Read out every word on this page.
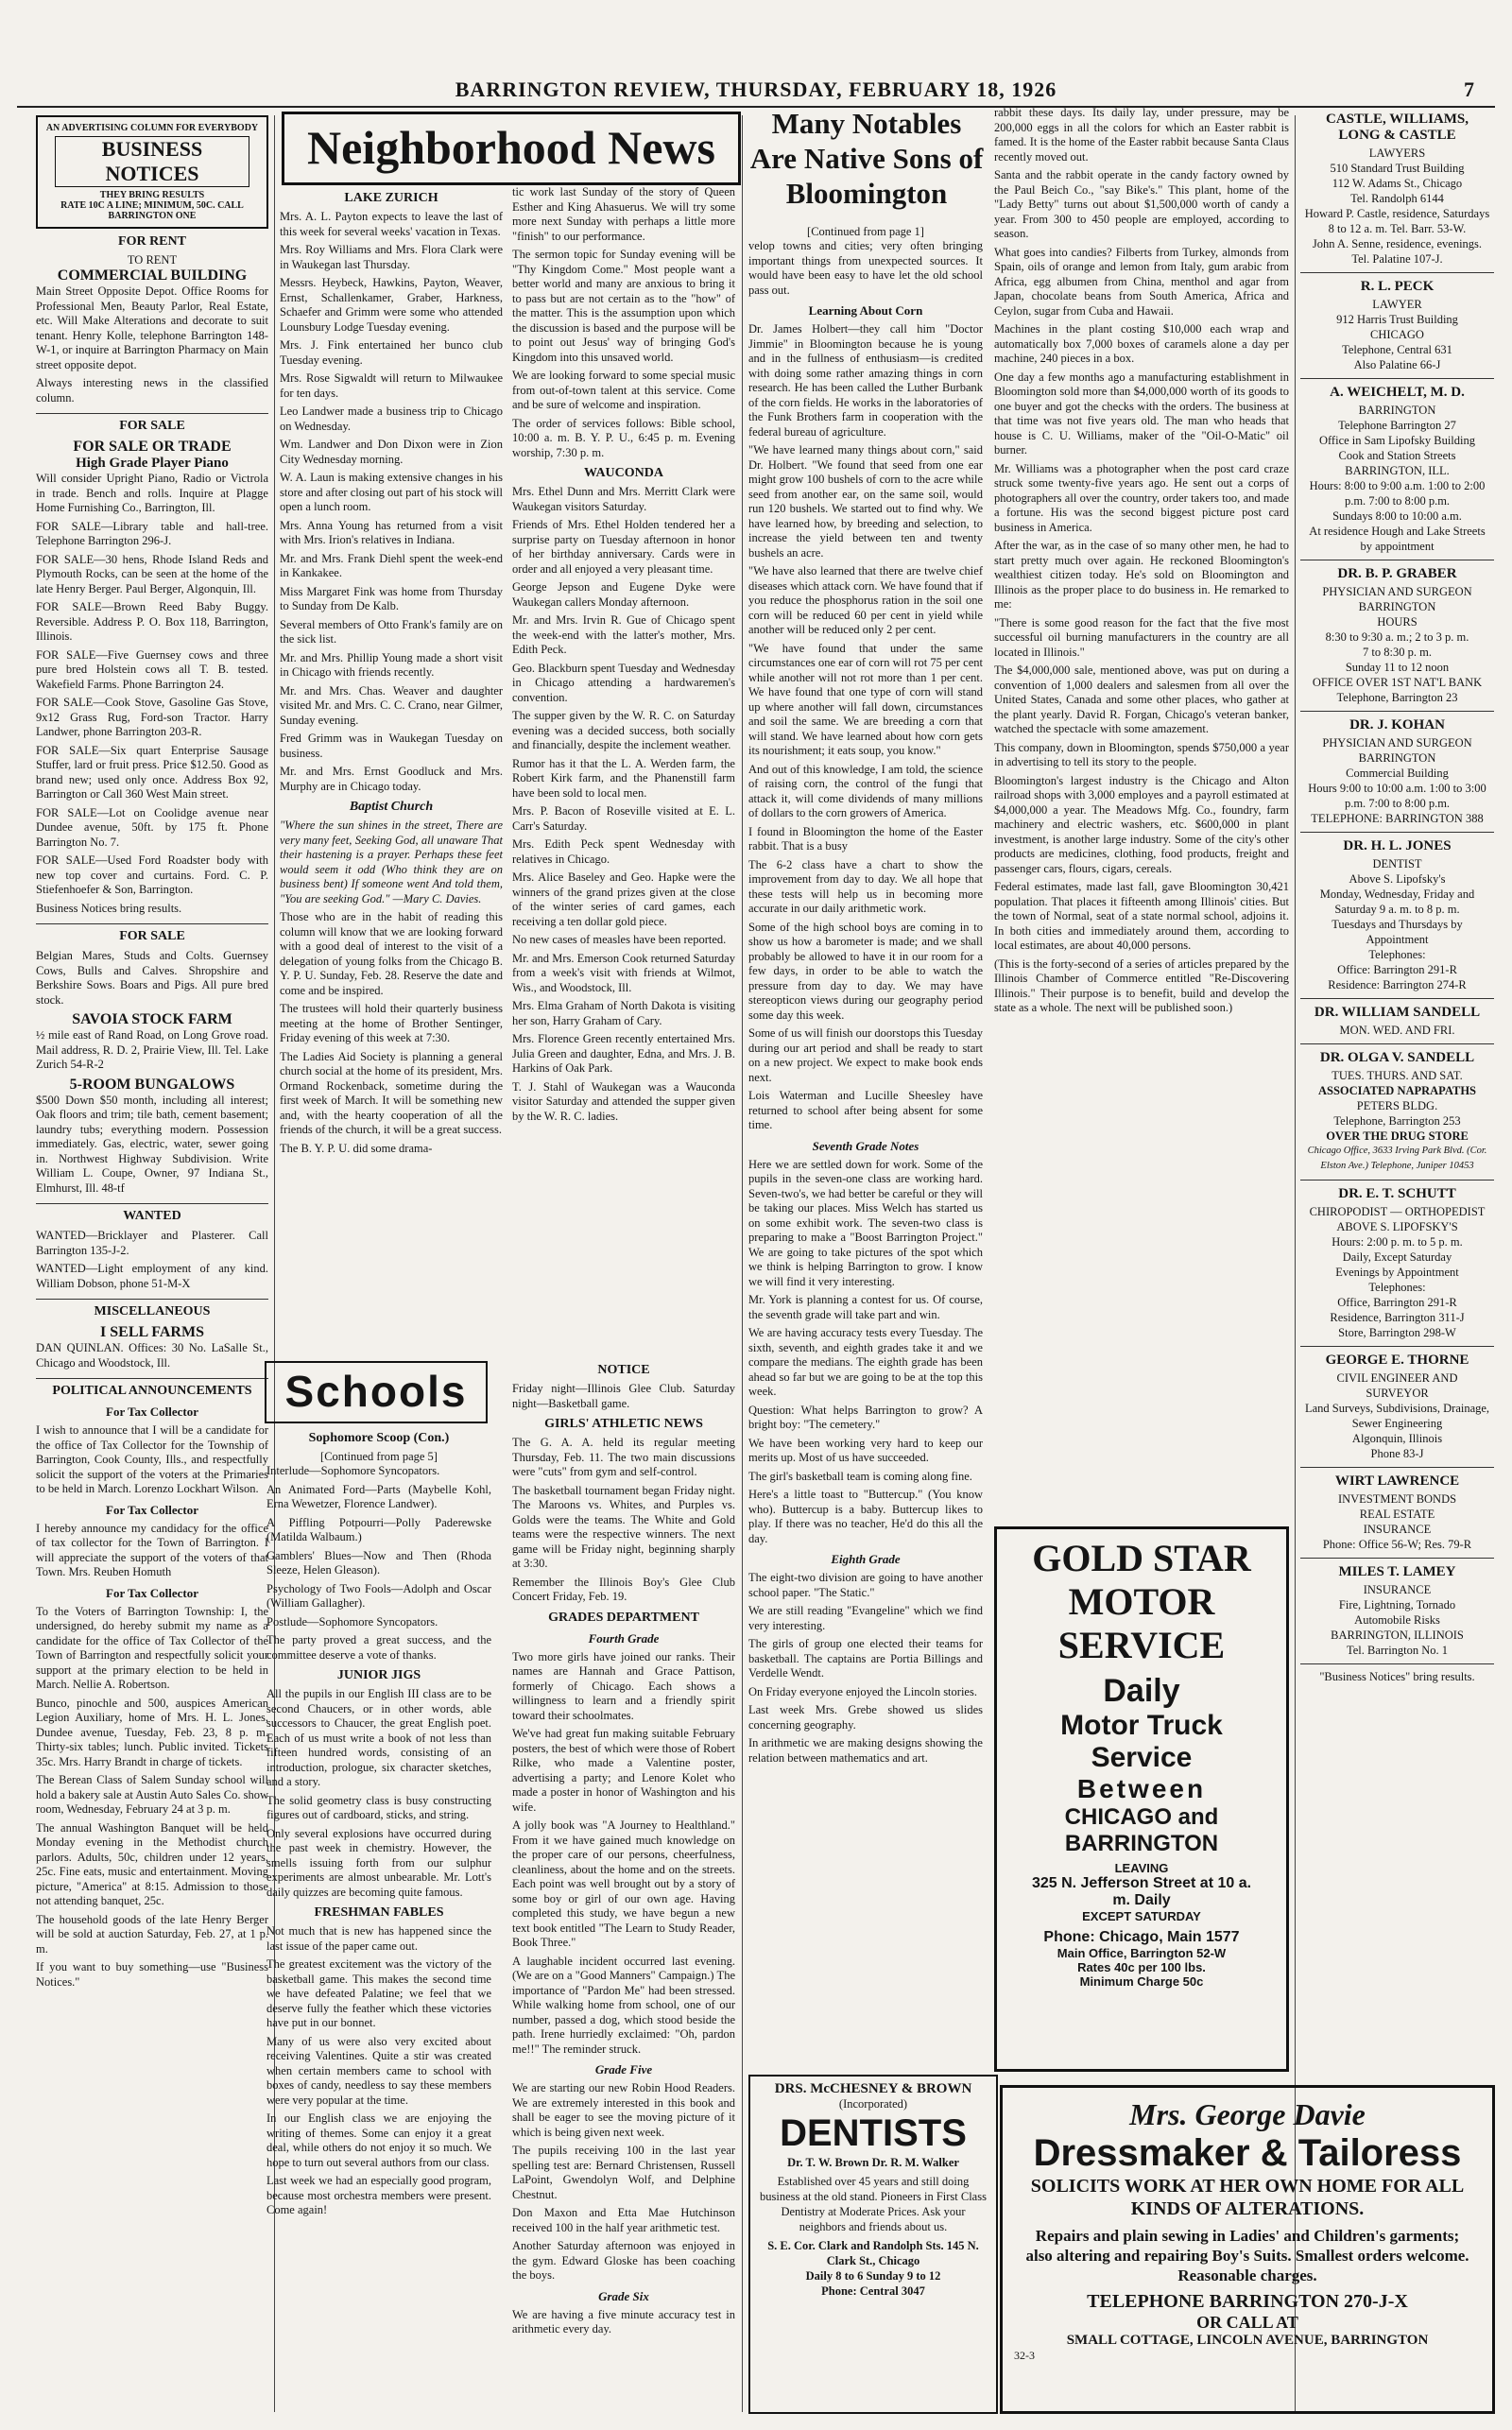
BARRINGTON REVIEW, THURSDAY, FEBRUARY 18, 1926	7
AN ADVERTISING COLUMN FOR EVERYBODY
BUSINESS NOTICES
THEY BRING RESULTS
RATE 10C A LINE; MINIMUM, 50C. CALL BARRINGTON ONE
FOR RENT
TO RENT
COMMERCIAL BUILDING

Main Street Opposite Depot. Office Rooms for Professional Men, Beauty Parlor, Real Estate, etc. Will Make Alterations and decorate to suit tenant. Henry Kolle, telephone Barrington 148-W-1, or inquire at Barrington Pharmacy on Main street opposite depot.

Always interesting news in the classified column.

FOR SALE
FOR SALE OR TRADE
High Grade Player Piano

Will consider Upright Piano, Radio or Victrola in trade. Bench and rolls. Inquire at Plagge Home Furnishing Co., Barrington, Ill.

FOR SALE—Library table and hall-tree. Telephone Barrington 296-J.

FOR SALE—30 hens, Rhode Island Reds and Plymouth Rocks, can be seen at the home of the late Henry Berger. Paul Berger, Algonquin, Ill.

FOR SALE—Brown Reed Baby Buggy. Reversible. Address P. O. Box 118, Barrington, Illinois.

FOR SALE—Five Guernsey cows and three pure bred Holstein cows all T. B. tested. Wakefield Farms. Phone Barrington 24.

FOR SALE—Cook Stove, Gasoline Gas Stove, 9x12 Grass Rug, Ford-son Tractor. Harry Landwer, phone Barrington 203-R.

FOR SALE—Six quart Enterprise Sausage Stuffer, lard or fruit press. Price $12.50. Good as brand new; used only once. Address Box 92, Barrington or Call 360 West Main street.

FOR SALE—Lot on Coolidge avenue near Dundee avenue, 50ft. by 175 ft. Phone Barrington No. 7.

FOR SALE—Used Ford Roadster body with new top cover and curtains. Ford. C. P. Stiefenhoefer & Son, Barrington.

Business Notices bring results.

FOR SALE

Belgian Mares, Studs and Colts. Guernsey Cows, Bulls and Calves. Shropshire and Berkshire Sows. Boars and Pigs. All pure bred stock.

SAVOIA STOCK FARM

½ mile east of Rand Road, on Long Grove road. Mail address, R. D. 2, Prairie View, Ill. Tel. Lake Zurich 54-R-2

5-ROOM BUNGALOWS

$500 Down $50 month, including all interest; Oak floors and trim; tile bath, cement basement; laundry tubs; everything modern. Possession immediately. Gas, electric, water, sewer going in. Northwest Highway Subdivision. Write William L. Coupe, Owner, 97 Indiana St., Elmhurst, Ill. 48-tf

WANTED

WANTED—Bricklayer and Plasterer. Call Barrington 135-J-2.

WANTED—Light employment of any kind. William Dobson, phone 51-M-X

MISCELLANEOUS
I SELL FARMS

DAN QUINLAN. Offices: 30 No. LaSalle St., Chicago and Woodstock, Ill.

POLITICAL ANNOUNCEMENTS
For Tax Collector

I wish to announce that I will be a candidate for the office of Tax Collector for the Township of Barrington, Cook County, Ills., and respectfully solicit the support of the voters at the Primaries to be held in March. Lorenzo Lockhart Wilson.

For Tax Collector

I hereby announce my candidacy for the office of tax collector for the Town of Barrington. I will appreciate the support of the voters of that Town. Mrs. Reuben Homuth

For Tax Collector

To the Voters of Barrington Township: I, the undersigned, do hereby submit my name as a candidate for the office of Tax Collector of the Town of Barrington and respectfully solicit your support at the primary election to be held in March. Nellie A. Robertson.

Bunco, pinochle and 500, auspices American Legion Auxiliary, home of Mrs. H. L. Jones, Dundee avenue, Tuesday, Feb. 23, 8 p. m. Thirty-six tables; lunch. Public invited. Tickets 35c. Mrs. Harry Brandt in charge of tickets.

The Berean Class of Salem Sunday school will hold a bakery sale at Austin Auto Sales Co. show room, Wednesday, February 24 at 3 p. m.

The annual Washington Banquet will be held Monday evening in the Methodist church parlors. Adults, 50c, children under 12 years, 25c. Fine eats, music and entertainment. Moving picture, "America" at 8:15. Admission to those not attending banquet, 25c.

The household goods of the late Henry Berger will be sold at auction Saturday, Feb. 27, at 1 p. m.

If you want to buy something—use "Business Notices."

Neighborhood News
LAKE ZURICH

Mrs. A. L. Payton expects to leave the last of this week for several weeks' vacation in Texas.

Mrs. Roy Williams and Mrs. Flora Clark were in Waukegan last Thursday.

Messrs. Heybeck, Hawkins, Payton, Weaver, Ernst, Schallenkamer, Graber, Harkness, Schaefer and Grimm were some who attended Lounsbury Lodge Tuesday evening.

Mrs. J. Fink entertained her bunco club Tuesday evening.

Mrs. Rose Sigwaldt will return to Milwaukee for ten days.

Leo Landwer made a business trip to Chicago on Wednesday.

Wm. Landwer and Don Dixon were in Zion City Wednesday morning.

W. A. Laun is making extensive changes in his store and after closing out part of his stock will open a lunch room.

Mrs. Anna Young has returned from a visit with Mrs. Irion's relatives in Indiana.

Mr. and Mrs. Frank Diehl spent the week-end in Kankakee.

Miss Margaret Fink was home from Thursday to Sunday from De Kalb.

Several members of Otto Frank's family are on the sick list.

Mr. and Mrs. Phillip Young made a short visit in Chicago with friends recently.

Mr. and Mrs. Chas. Weaver and daughter visited Mr. and Mrs. C. C. Crano, near Gilmer, Sunday evening.

Fred Grimm was in Waukegan Tuesday on business.

Mr. and Mrs. Ernst Goodluck and Mrs. Murphy are in Chicago today.

Baptist Church

"Where the sun shines in the street, There are very many feet, Seeking God, all unaware That their hastening is a prayer. Perhaps these feet would seem it odd (Who think they are on business bent) If someone went And told them, "You are seeking God." —Mary C. Davies.

Those who are in the habit of reading this column will know that we are looking forward with a good deal of interest to the visit of a delegation of young folks from the Chicago B. Y. P. U. Sunday, Feb. 28. Reserve the date and come and be inspired.

The trustees will hold their quarterly business meeting at the home of Brother Sentinger, Friday evening of this week at 7:30.

The Ladies Aid Society is planning a general church social at the home of its president, Mrs. Ormand Rockenback, sometime during the first week of March. It will be something new and, with the hearty cooperation of all the friends of the church, it will be a great success.

The B. Y. P. U. did some drama-

tic work last Sunday of the story of Queen Esther and King Ahasuerus. We will try some more next Sunday with perhaps a little more "finish" to our performance.

The sermon topic for Sunday evening will be "Thy Kingdom Come." Most people want a better world and many are anxious to bring it to pass but are not certain as to the "how" of the matter. This is the assumption upon which the discussion is based and the purpose will be to point out Jesus' way of bringing God's Kingdom into this unsaved world.

We are looking forward to some special music from out-of-town talent at this service. Come and be sure of welcome and inspiration.

The order of services follows: Bible school, 10:00 a. m. B. Y. P. U., 6:45 p. m. Evening worship, 7:30 p. m.

WAUCONDA

Mrs. Ethel Dunn and Mrs. Merritt Clark were Waukegan visitors Saturday.

Friends of Mrs. Ethel Holden tendered her a surprise party on Tuesday afternoon in honor of her birthday anniversary. Cards were in order and all enjoyed a very pleasant time.

George Jepson and Eugene Dyke were Waukegan callers Monday afternoon.

Mr. and Mrs. Irvin R. Gue of Chicago spent the week-end with the latter's mother, Mrs. Edith Peck.

Geo. Blackburn spent Tuesday and Wednesday in Chicago attending a hardwaremen's convention.

The supper given by the W. R. C. on Saturday evening was a decided success, both socially and financially, despite the inclement weather.

Rumor has it that the L. A. Werden farm, the Robert Kirk farm, and the Phanenstill farm have been sold to local men.

Mrs. P. Bacon of Roseville visited at E. L. Carr's Saturday.

Mrs. Edith Peck spent Wednesday with relatives in Chicago.

Mrs. Alice Baseley and Geo. Hapke were the winners of the grand prizes given at the close of the winter series of card games, each receiving a ten dollar gold piece.

No new cases of measles have been reported.

Mr. and Mrs. Emerson Cook returned Saturday from a week's visit with friends at Wilmot, Wis., and Woodstock, Ill.

Mrs. Elma Graham of North Dakota is visiting her son, Harry Graham of Cary.

Mrs. Florence Green recently entertained Mrs. Julia Green and daughter, Edna, and Mrs. J. B. Harkins of Oak Park.

T. J. Stahl of Waukegan was a Wauconda visitor Saturday and attended the supper given by the W. R. C. ladies.

Schools
Sophomore Scoop (Con.)
[Continued from page 5]

Interlude—Sophomore Syncopators.

An Animated Ford—Parts (Maybelle Kohl, Erna Wewetzer, Florence Landwer).

A Piffling Potpourri—Polly Paderewske (Matilda Walbaum.)

Gamblers' Blues—Now and Then (Rhoda Sleeze, Helen Gleason).

Psychology of Two Fools—Adolph and Oscar (William Gallagher).

Postlude—Sophomore Syncopators.

The party proved a great success, and the committee deserve a vote of thanks.

JUNIOR JIGS

All the pupils in our English III class are to be second Chaucers, or in other words, able successors to Chaucer, the great English poet. Each of us must write a book of not less than fifteen hundred words, consisting of an introduction, prologue, six character sketches, and a story.

The solid geometry class is busy constructing figures out of cardboard, sticks, and string.

Only several explosions have occurred during the past week in chemistry. However, the smells issuing forth from our sulphur experiments are almost unbearable. Mr. Lott's daily quizzes are becoming quite famous.

FRESHMAN FABLES

Not much that is new has happened since the last issue of the paper came out.

The greatest excitement was the victory of the basketball game. This makes the second time we have defeated Palatine; we feel that we deserve fully the feather which these victories have put in our bonnet.

Many of us were also very excited about receiving Valentines. Quite a stir was created when certain members came to school with boxes of candy, needless to say these members were very popular at the time.

In our English class we are enjoying the writing of themes. Some can enjoy it a great deal, while others do not enjoy it so much. We hope to turn out several authors from our class.

Last week we had an especially good program, because most orchestra members were present. Come again!

NOTICE

Friday night—Illinois Glee Club. Saturday night—Basketball game.

GIRLS' ATHLETIC NEWS

The G. A. A. held its regular meeting Thursday, Feb. 11. The two main discussions were "cuts" from gym and self-control.

The basketball tournament began Friday night. The Maroons vs. Whites, and Purples vs. Golds were the teams. The White and Gold teams were the respective winners. The next game will be Friday night, beginning sharply at 3:30.

Remember the Illinois Boy's Glee Club Concert Friday, Feb. 19.

GRADES DEPARTMENT
Fourth Grade

Two more girls have joined our ranks. Their names are Hannah and Grace Pattison, formerly of Chicago. Each shows a willingness to learn and a friendly spirit toward their schoolmates.

We've had great fun making suitable February posters, the best of which were those of Robert Rilke, who made a Valentine poster, advertising a party; and Lenore Kolet who made a poster in honor of Washington and his wife.

A jolly book was "A Journey to Healthland." From it we have gained much knowledge on the proper care of our persons, cheerfulness, cleanliness, about the home and on the streets. Each point was well brought out by a story of some boy or girl of our own age. Having completed this study, we have begun a new text book entitled "The Learn to Study Reader, Book Three."

A laughable incident occurred last evening. (We are on a "Good Manners" Campaign.) The importance of "Pardon Me" had been stressed. While walking home from school, one of our number, passed a dog, which stood beside the path. Irene hurriedly exclaimed: "Oh, pardon me!!" The reminder struck.

Grade Five

We are starting our new Robin Hood Readers. We are extremely interested in this book and shall be eager to see the moving picture of it which is being given next week.

The pupils receiving 100 in the last year spelling test are: Bernard Christensen, Russell LaPoint, Gwendolyn Wolf, and Delphine Chestnut.

Don Maxon and Etta Mae Hutchinson received 100 in the half year arithmetic test.

Another Saturday afternoon was enjoyed in the gym. Edward Gloske has been coaching the boys.

Grade Six

We are having a five minute accuracy test in arithmetic every day.

Many Notables Are Native Sons of Bloomington
[Continued from page 1]

velop towns and cities; very often bringing important things from unexpected sources. It would have been easy to have let the old school pass out.

Learning About Corn

Dr. James Holbert—they call him "Doctor Jimmie" in Bloomington because he is young and in the fullness of enthusiasm—is credited with doing some rather amazing things in corn research. He has been called the Luther Burbank of the corn fields. He works in the laboratories of the Funk Brothers farm in cooperation with the federal bureau of agriculture.

"We have learned many things about corn," said Dr. Holbert. "We found that seed from one ear might grow 100 bushels of corn to the acre while seed from another ear, on the same soil, would run 120 bushels. We started out to find why. We have learned how, by breeding and selection, to increase the yield between ten and twenty bushels an acre.

"We have also learned that there are twelve chief diseases which attack corn. We have found that if you reduce the phosphorus ration in the soil one corn will be reduced 60 per cent in yield while another will be reduced only 2 per cent.

"We have found that under the same circumstances one ear of corn will rot 75 per cent while another will not rot more than 1 per cent. We have found that one type of corn will stand up where another will fall down, circumstances and soil the same. We are breeding a corn that will stand. We have learned about how corn gets its nourishment; it eats soup, you know."

And out of this knowledge, I am told, the science of raising corn, the control of the fungi that attack it, will come dividends of many millions of dollars to the corn growers of America.

I found in Bloomington the home of the Easter rabbit. That is a busy

The 6-2 class have a chart to show the improvement from day to day. We all hope that these tests will help us in becoming more accurate in our daily arithmetic work.

Some of the high school boys are coming in to show us how a barometer is made; and we shall probably be allowed to have it in our room for a few days, in order to be able to watch the pressure from day to day. We may have stereopticon views during our geography period some day this week.

Some of us will finish our doorstops this Tuesday during our art period and shall be ready to start on a new project. We expect to make book ends next.

Lois Waterman and Lucille Sheesley have returned to school after being absent for some time.

Seventh Grade Notes

Here we are settled down for work. Some of the pupils in the seven-one class are working hard. Seven-two's, we had better be careful or they will be taking our places. Miss Welch has started us on some exhibit work. The seven-two class is preparing to make a "Boost Barrington Project." We are going to take pictures of the spot which we think is helping Barrington to grow. I know we will find it very interesting.

Mr. York is planning a contest for us. Of course, the seventh grade will take part and win.

We are having accuracy tests every Tuesday. The sixth, seventh, and eighth grades take it and we compare the medians. The eighth grade has been ahead so far but we are going to be at the top this week.

Question: What helps Barrington to grow? A bright boy: "The cemetery."

We have been working very hard to keep our merits up. Most of us have succeeded.

The girl's basketball team is coming along fine.

Here's a little toast to "Buttercup." (You know who). Buttercup is a baby. Buttercup likes to play. If there was no teacher, He'd do this all the day.

Eighth Grade

The eight-two division are going to have another school paper. "The Static."

We are still reading "Evangeline" which we find very interesting.

The girls of group one elected their teams for basketball. The captains are Portia Billings and Verdelle Wendt.

On Friday everyone enjoyed the Lincoln stories.

Last week Mrs. Grebe showed us slides concerning geography.

In arithmetic we are making designs showing the relation between mathematics and art.

rabbit these days. Its daily lay, under pressure, may be 200,000 eggs in all the colors for which an Easter rabbit is famed. It is the home of the Easter rabbit because Santa Claus recently moved out.

Santa and the rabbit operate in the candy factory owned by the Paul Beich Co., "say Bike's." This plant, home of the "Lady Betty" turns out about $1,500,000 worth of candy a year. From 300 to 450 people are employed, according to season.

What goes into candies? Filberts from Turkey, almonds from Spain, oils of orange and lemon from Italy, gum arabic from Africa, egg albumen from China, menthol and agar from Japan, chocolate beans from South America, Africa and Ceylon, sugar from Cuba and Hawaii.

Machines in the plant costing $10,000 each wrap and automatically box 7,000 boxes of caramels alone a day per machine, 240 pieces in a box.

One day a few months ago a manufacturing establishment in Bloomington sold more than $4,000,000 worth of its goods to one buyer and got the checks with the orders. The business at that time was not five years old. The man who heads that house is C. U. Williams, maker of the "Oil-O-Matic" oil burner.

Mr. Williams was a photographer when the post card craze struck some twenty-five years ago. He sent out a corps of photographers all over the country, order takers too, and made a fortune. His was the second biggest picture post card business in America.

After the war, as in the case of so many other men, he had to start pretty much over again. He reckoned Bloomington's wealthiest citizen today. He's sold on Bloomington and Illinois as the proper place to do business in. He remarked to me:

"There is some good reason for the fact that the five most successful oil burning manufacturers in the country are all located in Illinois."

The $4,000,000 sale, mentioned above, was put on during a convention of 1,000 dealers and salesmen from all over the United States, Canada and some other places, who gather at the plant yearly. David R. Forgan, Chicago's veteran banker, watched the spectacle with some amazement.

This company, down in Bloomington, spends $750,000 a year in advertising to tell its story to the people.

Bloomington's largest industry is the Chicago and Alton railroad shops with 3,000 employes and a payroll estimated at $4,000,000 a year. The Meadows Mfg. Co., foundry, farm machinery and electric washers, etc. $600,000 in plant investment, is another large industry. Some of the city's other products are medicines, clothing, food products, freight and passenger cars, flours, cigars, cereals.

Federal estimates, made last fall, gave Bloomington 30,421 population. That places it fifteenth among Illinois' cities. But the town of Normal, seat of a state normal school, adjoins it. In both cities and immediately around them, according to local estimates, are about 40,000 persons.

(This is the forty-second of a series of articles prepared by the Illinois Chamber of Commerce entitled "Re-Discovering Illinois." Their purpose is to benefit, build and develop the state as a whole. The next will be published soon.)

GOLD STAR
MOTOR
SERVICE
Daily
Motor Truck Service
Between
CHICAGO and
BARRINGTON
LEAVING
325 N. Jefferson Street at 10 a. m. Daily
EXCEPT SATURDAY
Phone: Chicago, Main 1577
Main Office, Barrington 52-W
Rates 40c per 100 lbs.
Minimum Charge 50c
DRS. McCHESNEY & BROWN
(Incorporated)
DENTISTS
Dr. T. W. Brown Dr. R. M. Walker
Established over 45 years and still doing business at the old stand. Pioneers in First Class Dentistry at Moderate Prices. Ask your neighbors and friends about us.
S. E. Cor. Clark and Randolph Sts. 145 N. Clark St., Chicago
Daily 8 to 6 Sunday 9 to 12
Phone: Central 3047
Mrs. George Davie
Dressmaker & Tailoress
SOLICITS WORK AT HER OWN HOME FOR ALL KINDS OF ALTERATIONS.
Repairs and plain sewing in Ladies' and Children's garments; also altering and repairing Boy's Suits. Smallest orders welcome. Reasonable charges.
TELEPHONE BARRINGTON 270-J-X
OR CALL AT
SMALL COTTAGE, LINCOLN AVENUE, BARRINGTON
32-3
CASTLE, WILLIAMS, LONG & CASTLE
LAWYERS
510 Standard Trust Building
112 W. Adams St., Chicago
Tel. Randolph 6144
Howard P. Castle, residence, Saturdays 8 to 12 a. m. Tel. Barr. 53-W.
John A. Senne, residence, evenings. Tel. Palatine 107-J.
R. L. PECK
LAWYER
912 Harris Trust Building
CHICAGO
Telephone, Central 631
Also Palatine 66-J
A. WEICHELT, M. D.
BARRINGTON
Telephone Barrington 27
Office in Sam Lipofsky Building
Cook and Station Streets
BARRINGTON, ILL.
Hours: 8:00 to 9:00 a.m. 1:00 to 2:00 p.m. 7:00 to 8:00 p.m.
Sundays 8:00 to 10:00 a.m.
At residence Hough and Lake Streets by appointment
DR. B. P. GRABER
PHYSICIAN AND SURGEON
BARRINGTON
HOURS
8:30 to 9:30 a. m.; 2 to 3 p. m.
7 to 8:30 p. m.
Sunday 11 to 12 noon
OFFICE OVER 1ST NAT'L BANK
Telephone, Barrington 23
DR. J. KOHAN
PHYSICIAN AND SURGEON
BARRINGTON
Commercial Building
Hours 9:00 to 10:00 a.m. 1:00 to 3:00 p.m. 7:00 to 8:00 p.m.
TELEPHONE: BARRINGTON 388
DR. H. L. JONES
DENTIST
Above S. Lipofsky's
Monday, Wednesday, Friday and Saturday 9 a. m. to 8 p. m.
Tuesdays and Thursdays by Appointment
Telephones:
Office: Barrington 291-R
Residence: Barrington 274-R
DR. WILLIAM SANDELL
MON. WED. AND FRI.
DR. OLGA V. SANDELL
TUES. THURS. AND SAT.
ASSOCIATED NAPRAPATHS
PETERS BLDG.
Telephone, Barrington 253
OVER THE DRUG STORE
Chicago Office, 3633 Irving Park Blvd. (Cor. Elston Ave.) Telephone, Juniper 10453
DR. E. T. SCHUTT
CHIROPODIST — ORTHOPEDIST
ABOVE S. LIPOFSKY'S
Hours: 2:00 p. m. to 5 p. m.
Daily, Except Saturday
Evenings by Appointment
Telephones:
Office, Barrington 291-R
Residence, Barrington 311-J
Store, Barrington 298-W
GEORGE E. THORNE
CIVIL ENGINEER AND SURVEYOR
Land Surveys, Subdivisions, Drainage, Sewer Engineering
Algonquin, Illinois
Phone 83-J
WIRT LAWRENCE
INVESTMENT BONDS
REAL ESTATE
INSURANCE
Phone: Office 56-W; Res. 79-R
MILES T. LAMEY
INSURANCE
Fire, Lightning, Tornado
Automobile Risks
BARRINGTON, ILLINOIS
Tel. Barrington No. 1
"Business Notices" bring results.
